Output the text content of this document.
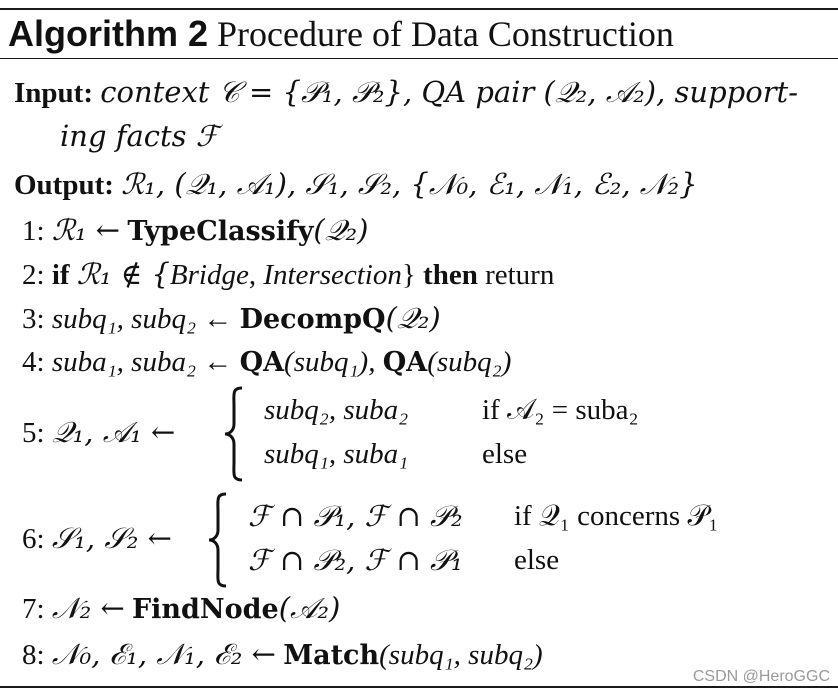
Algorithm 2 Procedure of Data Construction
Input: context 𝒞 = {𝒫₁, 𝒫₂}, QA pair (𝒬₂, 𝒜₂), support-
ing facts ℱ
Output: ℛ₁, (𝒬₁, 𝒜₁), 𝒮₁, 𝒮₂, {𝒩₀, ℰ₁, 𝒩₁, ℰ₂, 𝒩₂}
1: ℛ₁ ← TypeClassify(𝒬₂)
2: if ℛ₁ ∉ {Bridge, Intersection} then return
3: subq₁, subq₂ ← DecompQ(𝒬₂)
4: suba₁, suba₂ ← QA(subq₁), QA(subq₂)
5: 𝒬₁, 𝒜₁ ←
subq₂, suba₂	if 𝒜₂ = suba₂
subq₁, suba₁	else
6: 𝒮₁, 𝒮₂ ←
ℱ ∩ 𝒫₁, ℱ ∩ 𝒫₂ if 𝒬₁ concerns 𝒫₁
ℱ ∩ 𝒫₂, ℱ ∩ 𝒫₁ else
7: 𝒩₂ ← FindNode(𝒜₂)
8: 𝒩₀, ℰ₁, 𝒩₁, ℰ₂ ← Match(subq₁, subq₂)
CSDN @HeroGGC
